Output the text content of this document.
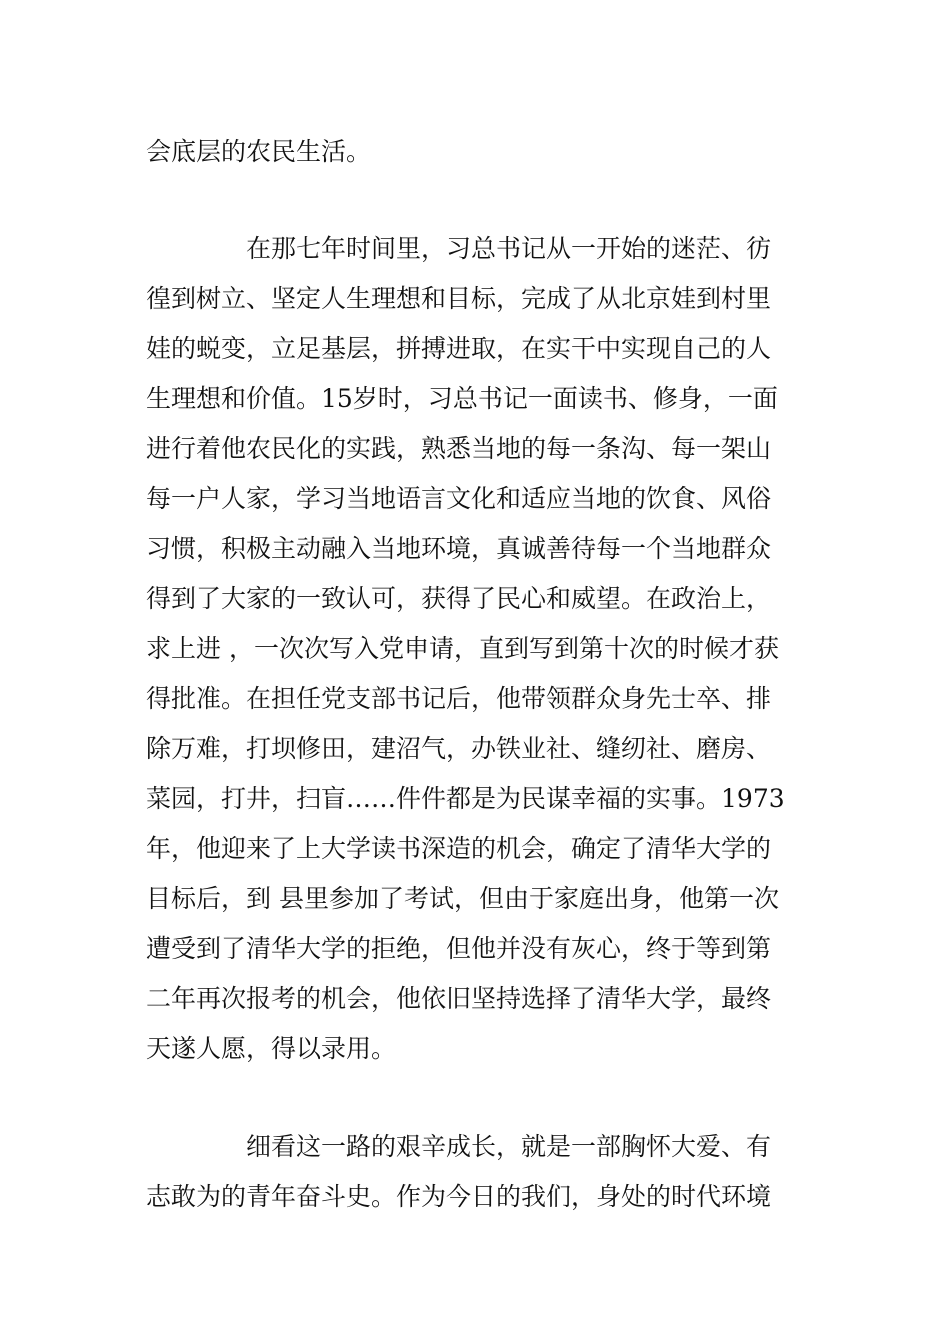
会底层的农民生活。

在那七年时间里，习总书记从一开始的迷茫、彷

徨到树立、坚定人生理想和目标，完成了从北京娃到村里

娃的蜕变，立足基层，拼搏进取，在实干中实现自己的人

生理想和价值。15岁时，习总书记一面读书、修身，一面

进行着他农民化的实践，熟悉当地的每一条沟、每一架山

每一户人家，学习当地语言文化和适应当地的饮食、风俗

习惯，积极主动融入当地环境，真诚善待每一个当地群众

得到了大家的一致认可，获得了民心和威望。在政治上，

求上进 ，一次次写入党申请，直到写到第十次的时候才获

得批准。在担任党支部书记后，他带领群众身先士卒、排

除万难，打坝修田，建沼气，办铁业社、缝纫社、磨房、

菜园，打井，扫盲……件件都是为民谋幸福的实事。1973

年，他迎来了上大学读书深造的机会，确定了清华大学的

目标后，到 县里参加了考试，但由于家庭出身，他第一次

遭受到了清华大学的拒绝，但他并没有灰心，终于等到第

二年再次报考的机会，他依旧坚持选择了清华大学，最终

天遂人愿，得以录用。

细看这一路的艰辛成长，就是一部胸怀大爱、有

志敢为的青年奋斗史。作为今日的我们，身处的时代环境
